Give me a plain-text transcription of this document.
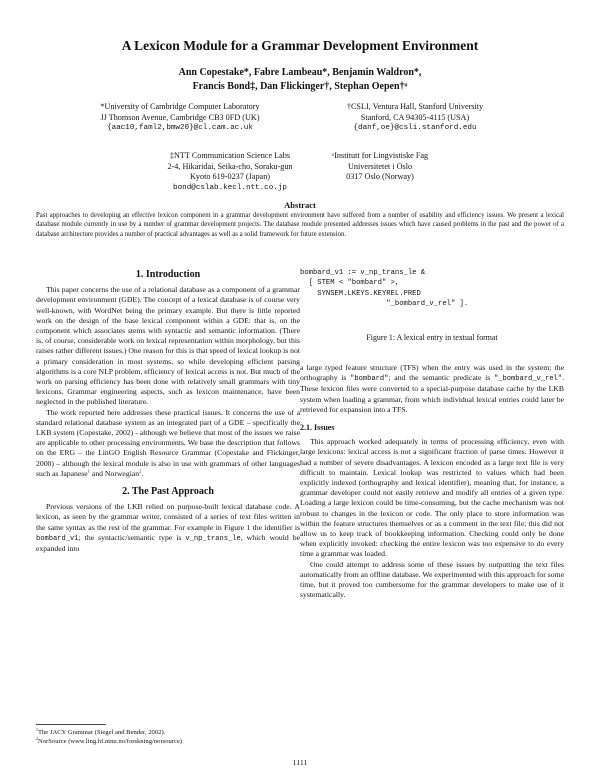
A Lexicon Module for a Grammar Development Environment
Ann Copestake*, Fabre Lambeau*, Benjamin Waldron*,
Francis Bond‡, Dan Flickinger†, Stephan Oepen†ᵒ
*University of Cambridge Computer Laboratory
JJ Thomson Avenue, Cambridge CB3 0FD (UK)
{aac10,faml2,bmw20}@cl.cam.ac.uk
†CSLI, Ventura Hall, Stanford University
Stanford, CA 94305-4115 (USA)
{danf,oe}@csli.stanford.edu
‡NTT Communication Science Labs
2-4, Hikaridai, Seika-cho, Soraku-gun
Kyoto 619-0237 (Japan)
bond@cslab.kecl.ntt.co.jp
ᵒInstitutt for Lingvistiske Fag
Universitetet i Oslo
0317 Oslo (Norway)
Abstract
Past approaches to developing an effective lexicon component in a grammar development environment have suffered from a number of usability and efficiency issues. We present a lexical database module currently in use by a number of grammar development projects. The database module presented addresses issues which have caused problems in the past and the power of a database architecture provides a number of practical advantages as well as a solid framework for future extension.
1. Introduction

This paper concerns the use of a relational database as a component of a grammar development environment (GDE). The concept of a lexical database is of course very well-known, with WordNet being the primary example. But there is little reported work on the design of the base lexical component within a GDE: that is, on the component which associates stems with syntactic and semantic information. (There is, of course, considerable work on lexical representation within morphology, but this raises rather different issues.) One reason for this is that speed of lexical lookup is not a primary consideration in most systems, so while developing efficient parsing algorithms is a core NLP problem, efficiency of lexical access is not. But much of the work on parsing efficiency has been done with relatively small grammars with tiny lexicons. Grammar engineering aspects, such as lexicon maintenance, have been neglected in the published literature.

The work reported here addresses these practical issues. It concerns the use of a standard relational database system as an integrated part of a GDE – specifically the LKB system (Copestake, 2002) - although we believe that most of the issues we raise are applicable to other processing environments. We base the description that follows on the ERG – the LinGO English Resource Grammar (Copestake and Flickinger, 2000) – although the lexical module is also in use with grammars of other languages such as Japanese$^1$ and Norwegian$^2$.

2. The Past Approach

Previous versions of the LKB relied on purpose-built lexical database code. A lexicon, as seen by the grammar writer, consisted of a series of text files written in the same syntax as the rest of the grammar. For example in Figure 1 the identifier is bombard_v1; the syntactic/semantic type is v_np_trans_le, which would be expanded into

bombard_v1 := v_np_trans_le &
[ STEM < "bombard" >,
SYNSEM.LKEYS.KEYREL.PRED
"_bombard_v_rel" ].
Figure 1: A lexical entry in textual format

a large typed feature structure (TFS) when the entry was used in the system; the orthography is "bombard"; and the semantic predicate is "_bombard_v_rel". These lexicon files were converted to a special-purpose database cache by the LKB system when loading a grammar, from which individual lexical entries could later be retrieved for expansion into a TFS.

2.1. Issues

This approach worked adequately in terms of processing efficiency, even with large lexicons: lexical access is not a significant fraction of parse times. However it had a number of severe disadvantages. A lexicon encoded as a large text file is very difficult to maintain. Lexical lookup was restricted to values which had been explicitly indexed (orthography and lexical identifier), meaning that, for instance, a grammar developer could not easily retrieve and modify all entries of a given type. Loading a large lexicon could be time-consuming, but the cache mechanism was not robust to changes in the lexicon or code. The only place to store information was within the feature structures themselves or as a comment in the text file; this did not allow us to keep track of bookkeeping information. Checking could only be done when explicitly invoked: checking the entire lexicon was too expensive to do every time a grammar was loaded.

One could attempt to address some of these issues by outputting the text files automatically from an offline database. We experimented with this approach for some time, but it proved too cumbersome for the grammar developers to make use of it systematically.

$^1$The JACY Grammar (Siegel and Bender, 2002).
$^2$NorSource (www.ling.hf.ntnu.no/forskning/norsource)
1111
